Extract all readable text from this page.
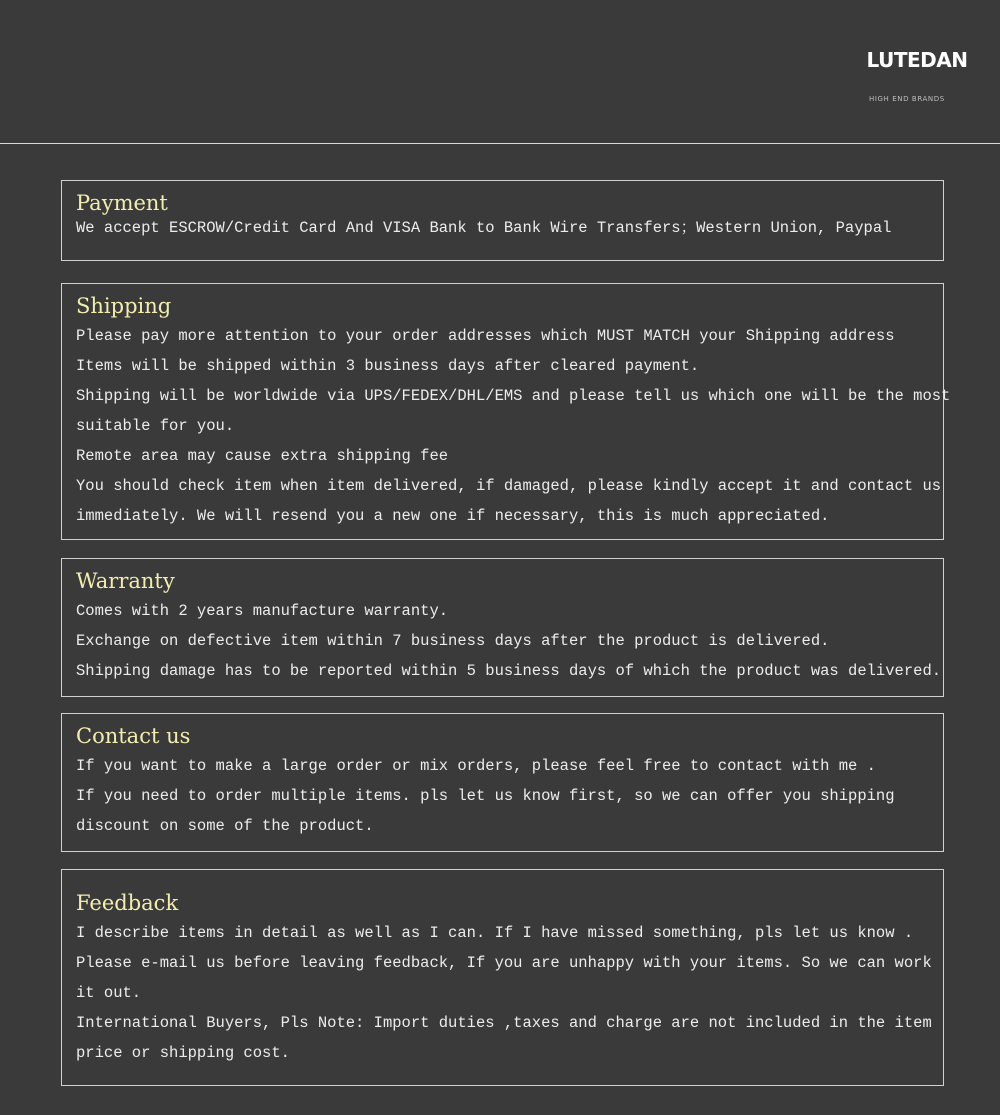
LUTEDAN
HIGH END BRANDS
Payment
We accept ESCROW/Credit Card And VISA Bank to Bank Wire Transfers；Western Union, Paypal
Shipping
Please pay more attention to your order addresses which MUST MATCH your Shipping address
Items will be shipped within 3 business days after cleared payment.
Shipping will be worldwide via UPS/FEDEX/DHL/EMS and please tell us which one will be the most
suitable for you.
Remote area may cause extra shipping fee
You should check item when item delivered, if damaged, please kindly accept it and contact us
immediately. We will resend you a new one if necessary, this is much appreciated.
Warranty
Comes with 2 years manufacture warranty.
Exchange on defective item within 7 business days after the product is delivered.
Shipping damage has to be reported within 5 business days of which the product was delivered.
Contact us
If you want to make a large order or mix orders, please feel free to contact with me .
If you need to order multiple items. pls let us know first, so we can offer you shipping
discount on some of the product.
Feedback
I describe items in detail as well as I can. If I have missed something, pls let us know .
Please e-mail us before leaving feedback, If you are unhappy with your items. So we can work
it out.
International Buyers, Pls Note: Import duties ,taxes and charge are not included in the item
price or shipping cost.
